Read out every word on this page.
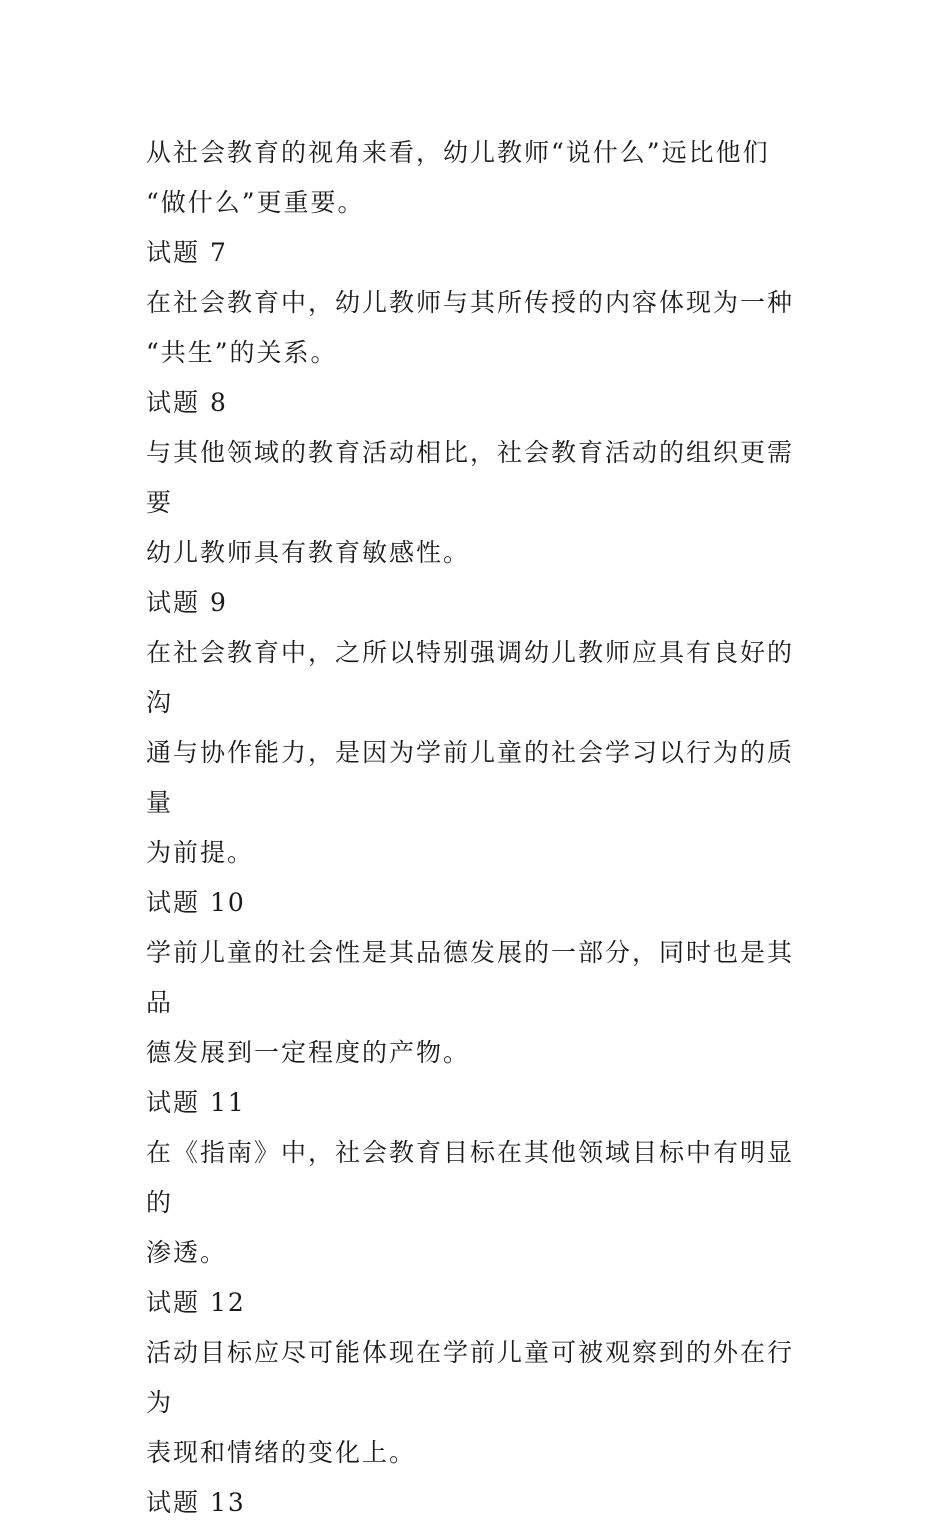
从社会教育的视角来看，幼儿教师“说什么”远比他们
“做什么”更重要。

试题 7

在社会教育中，幼儿教师与其所传授的内容体现为一种
“共生”的关系。

试题 8

与其他领域的教育活动相比，社会教育活动的组织更需要
幼儿教师具有教育敏感性。

试题 9

在社会教育中，之所以特别强调幼儿教师应具有良好的沟
通与协作能力，是因为学前儿童的社会学习以行为的质量
为前提。

试题 10

学前儿童的社会性是其品德发展的一部分，同时也是其品
德发展到一定程度的产物。

试题 11

在《指南》中，社会教育目标在其他领域目标中有明显的
渗透。

试题 12

活动目标应尽可能体现在学前儿童可被观察到的外在行为
表现和情绪的变化上。

试题 13
